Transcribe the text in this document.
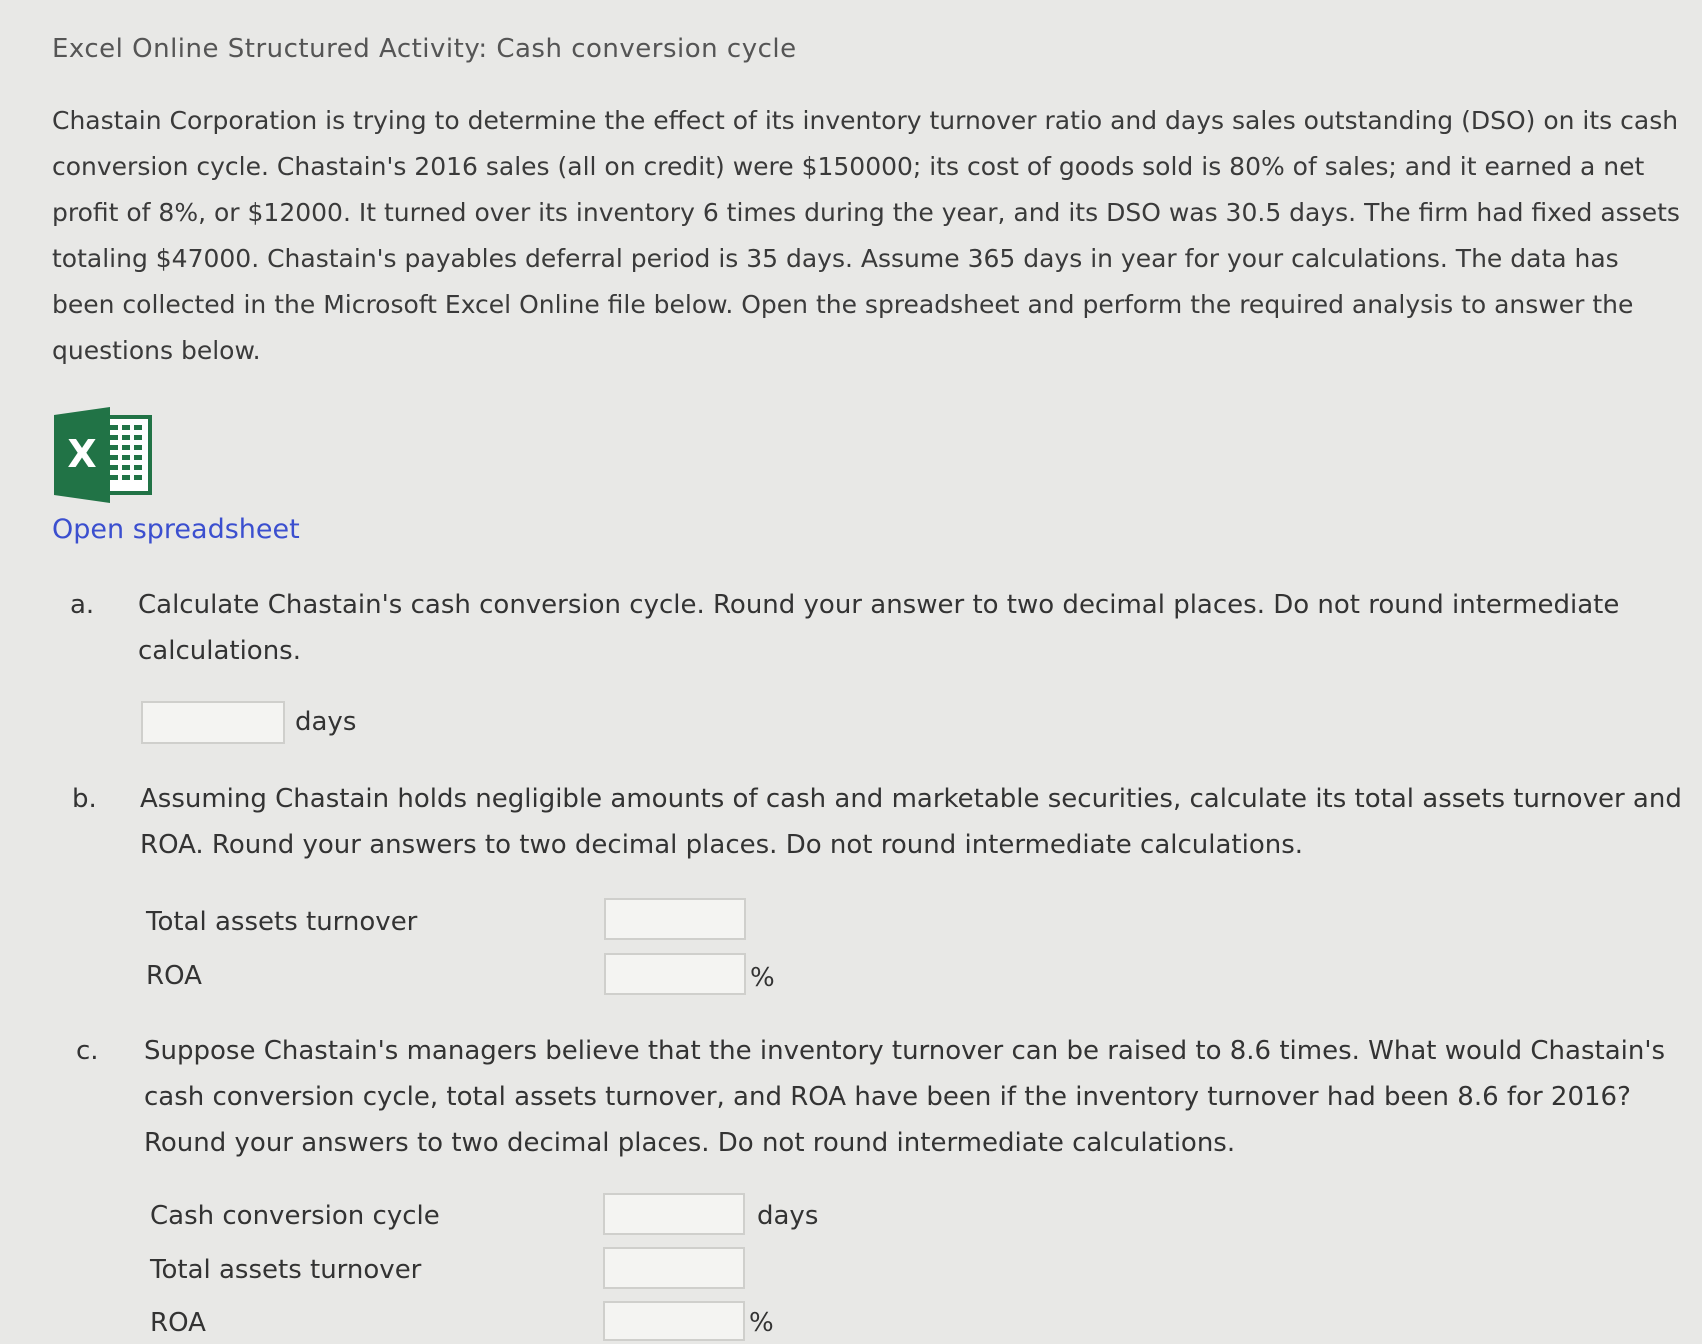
Excel Online Structured Activity: Cash conversion cycle
Chastain Corporation is trying to determine the effect of its inventory turnover ratio and days sales outstanding (DSO) on its cash conversion cycle. Chastain's 2016 sales (all on credit) were $150000; its cost of goods sold is 80% of sales; and it earned a net profit of 8%, or $12000. It turned over its inventory 6 times during the year, and its DSO was 30.5 days. The firm had fixed assets totaling $47000. Chastain's payables deferral period is 35 days. Assume 365 days in year for your calculations. The data has been collected in the Microsoft Excel Online file below. Open the spreadsheet and perform the required analysis to answer the questions below.
X
Open spreadsheet
a. Calculate Chastain's cash conversion cycle. Round your answer to two decimal places. Do not round intermediate calculations.
days
b. Assuming Chastain holds negligible amounts of cash and marketable securities, calculate its total assets turnover and ROA. Round your answers to two decimal places. Do not round intermediate calculations.
Total assets turnover
ROA	%
c. Suppose Chastain's managers believe that the inventory turnover can be raised to 8.6 times. What would Chastain's cash conversion cycle, total assets turnover, and ROA have been if the inventory turnover had been 8.6 for 2016? Round your answers to two decimal places. Do not round intermediate calculations.
Cash conversion cycle	days
Total assets turnover
ROA	%
